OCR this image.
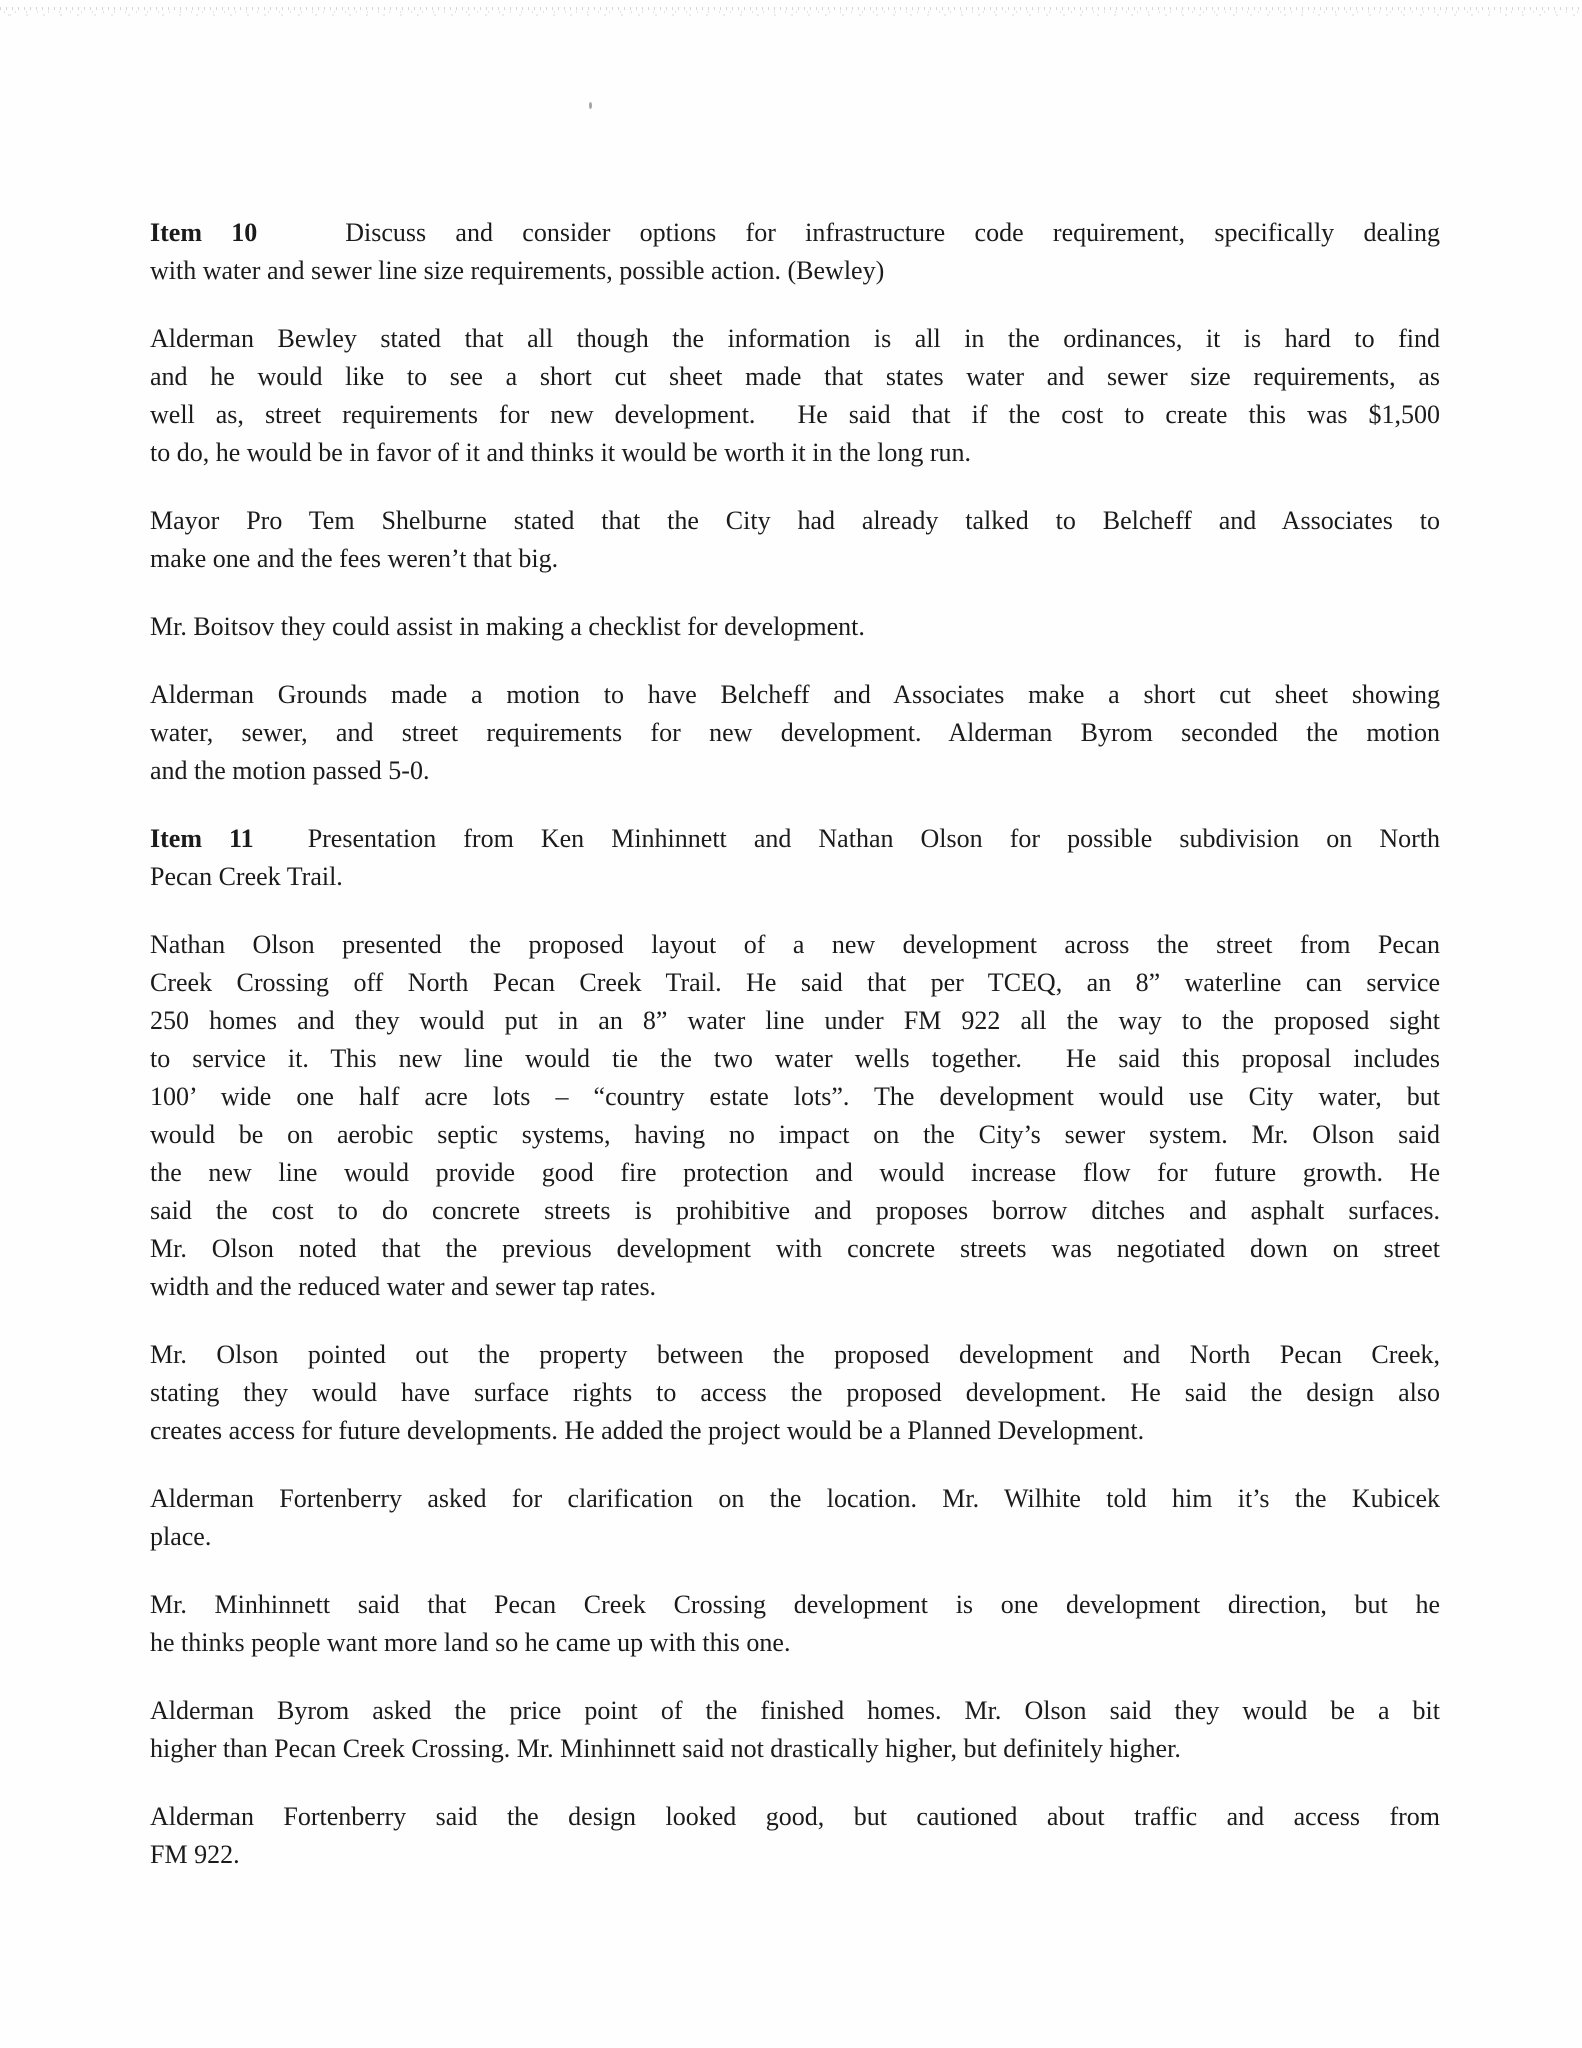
Item 10   Discuss and consider options for infrastructure code requirement, specifically dealing
with water and sewer line size requirements, possible action. (Bewley)
Alderman Bewley stated that all though the information is all in the ordinances, it is hard to find
and he would like to see a short cut sheet made that states water and sewer size requirements, as
well as, street requirements for new development.  He said that if the cost to create this was $1,500
to do, he would be in favor of it and thinks it would be worth it in the long run.
Mayor Pro Tem Shelburne stated that the City had already talked to Belcheff and Associates to
make one and the fees weren’t that big.
Mr. Boitsov they could assist in making a checklist for development.
Alderman Grounds made a motion to have Belcheff and Associates make a short cut sheet showing
water, sewer, and street requirements for new development. Alderman Byrom seconded the motion
and the motion passed 5-0.
Item 11  Presentation from Ken Minhinnett and Nathan Olson for possible subdivision on North
Pecan Creek Trail.
Nathan Olson presented the proposed layout of a new development across the street from Pecan
Creek Crossing off North Pecan Creek Trail. He said that per TCEQ, an 8” waterline can service
250 homes and they would put in an 8” water line under FM 922 all the way to the proposed sight
to service it. This new line would tie the two water wells together.  He said this proposal includes
100’ wide one half acre lots – “country estate lots”. The development would use City water, but
would be on aerobic septic systems, having no impact on the City’s sewer system. Mr. Olson said
the new line would provide good fire protection and would increase flow for future growth. He
said the cost to do concrete streets is prohibitive and proposes borrow ditches and asphalt surfaces.
Mr. Olson noted that the previous development with concrete streets was negotiated down on street
width and the reduced water and sewer tap rates.
Mr. Olson pointed out the property between the proposed development and North Pecan Creek,
stating they would have surface rights to access the proposed development. He said the design also
creates access for future developments. He added the project would be a Planned Development.
Alderman Fortenberry asked for clarification on the location. Mr. Wilhite told him it’s the Kubicek
place.
Mr. Minhinnett said that Pecan Creek Crossing development is one development direction, but he
he thinks people want more land so he came up with this one.
Alderman Byrom asked the price point of the finished homes. Mr. Olson said they would be a bit
higher than Pecan Creek Crossing. Mr. Minhinnett said not drastically higher, but definitely higher.
Alderman Fortenberry said the design looked good, but cautioned about traffic and access from
FM 922.
